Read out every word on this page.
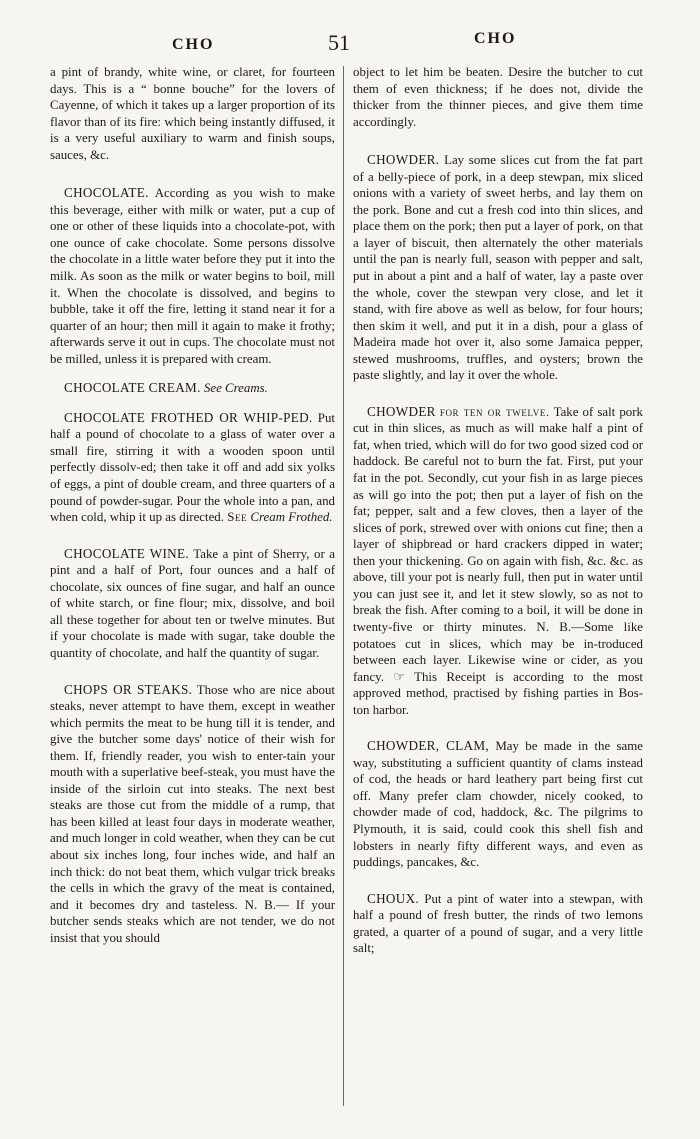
CHO	51	CHO

a pint of brandy, white wine, or claret, for fourteen days. This is a “ bonne bouche” for the lovers of Cayenne, of which it takes up a larger proportion of its flavor than of its fire: which being instantly diffused, it is a very useful auxiliary to warm and finish soups, sauces, &c.

CHOCOLATE. According as you wish to make this beverage, either with milk or water, put a cup of one or other of these liquids into a chocolate-pot, with one ounce of cake chocolate. Some persons dissolve the chocolate in a little water before they put it into the milk. As soon as the milk or water begins to boil, mill it. When the chocolate is dissolved, and begins to bubble, take it off the fire, letting it stand near it for a quarter of an hour; then mill it again to make it frothy; afterwards serve it out in cups. The chocolate must not be milled, unless it is prepared with cream.

CHOCOLATE CREAM. See Creams.

CHOCOLATE FROTHED OR WHIP-PED. Put half a pound of chocolate to a glass of water over a small fire, stirring it with a wooden spoon until perfectly dissolv-ed; then take it off and add six yolks of eggs, a pint of double cream, and three quarters of a pound of powder-sugar. Pour the whole into a pan, and when cold, whip it up as directed. See Cream Frothed.

CHOCOLATE WINE. Take a pint of Sherry, or a pint and a half of Port, four ounces and a half of chocolate, six ounces of fine sugar, and half an ounce of white starch, or fine flour; mix, dissolve, and boil all these together for about ten or twelve minutes. But if your chocolate is made with sugar, take double the quantity of chocolate, and half the quantity of sugar.

CHOPS OR STEAKS. Those who are nice about steaks, never attempt to have them, except in weather which permits the meat to be hung till it is tender, and give the butcher some days' notice of their wish for them. If, friendly reader, you wish to enter-tain your mouth with a superlative beef-steak, you must have the inside of the sirloin cut into steaks. The next best steaks are those cut from the middle of a rump, that has been killed at least four days in moderate weather, and much longer in cold weather, when they can be cut about six inches long, four inches wide, and half an inch thick: do not beat them, which vulgar trick breaks the cells in which the gravy of the meat is contained, and it becomes dry and tasteless. N. B.— If your butcher sends steaks which are not tender, we do not insist that you should

object to let him be beaten. Desire the butcher to cut them of even thickness; if he does not, divide the thicker from the thinner pieces, and give them time accordingly.

CHOWDER. Lay some slices cut from the fat part of a belly-piece of pork, in a deep stewpan, mix sliced onions with a variety of sweet herbs, and lay them on the pork. Bone and cut a fresh cod into thin slices, and place them on the pork; then put a layer of pork, on that a layer of biscuit, then alternately the other materials until the pan is nearly full, season with pepper and salt, put in about a pint and a half of water, lay a paste over the whole, cover the stewpan very close, and let it stand, with fire above as well as below, for four hours; then skim it well, and put it in a dish, pour a glass of Madeira made hot over it, also some Jamaica pepper, stewed mushrooms, truffles, and oysters; brown the paste slightly, and lay it over the whole.

CHOWDER for ten or twelve. Take of salt pork cut in thin slices, as much as will make half a pint of fat, when tried, which will do for two good sized cod or haddock. Be careful not to burn the fat. First, put your fat in the pot. Secondly, cut your fish in as large pieces as will go into the pot; then put a layer of fish on the fat; pepper, salt and a few cloves, then a layer of the slices of pork, strewed over with onions cut fine; then a layer of shipbread or hard crackers dipped in water; then your thickening. Go on again with fish, &c. &c. as above, till your pot is nearly full, then put in water until you can just see it, and let it stew slowly, so as not to break the fish. After coming to a boil, it will be done in twenty-five or thirty minutes. N. B.—Some like potatoes cut in slices, which may be in-troduced between each layer. Likewise wine or cider, as you fancy. ☞ This Receipt is according to the most approved method, practised by fishing parties in Bos-ton harbor.

CHOWDER, CLAM, May be made in the same way, substituting a sufficient quantity of clams instead of cod, the heads or hard leathery part being first cut off. Many prefer clam chowder, nicely cooked, to chowder made of cod, haddock, &c. The pilgrims to Plymouth, it is said, could cook this shell fish and lobsters in nearly fifty different ways, and even as puddings, pancakes, &c.

CHOUX. Put a pint of water into a stewpan, with half a pound of fresh butter, the rinds of two lemons grated, a quarter of a pound of sugar, and a very little salt;
